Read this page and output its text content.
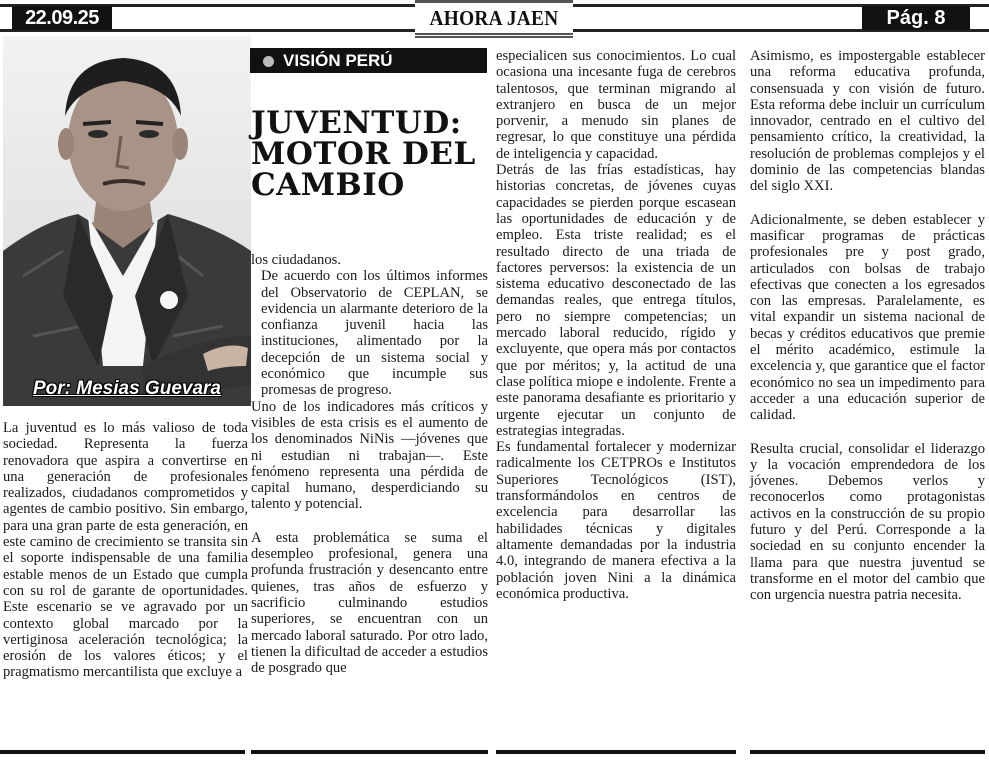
22.09.25	AHORA JAEN	Pág. 8
Por: Mesias Guevara
VISIÓN PERÚ
JUVENTUD:
MOTOR DEL
CAMBIO

La juventud es lo más valioso de toda sociedad. Representa la fuerza renovadora que aspira a convertirse en una generación de profesionales realizados, ciudadanos comprometidos y agentes de cambio positivo. Sin embargo, para una gran parte de esta generación, en este camino de crecimiento se transita sin el soporte indispensable de una familia estable menos de un Estado que cumpla con su rol de garante de oportunidades. Este escenario se ve agravado por un contexto global marcado por la vertiginosa aceleración tecnológica; la erosión de los valores éticos; y el pragmatismo mercantilista que excluye a

los ciudadanos.

De acuerdo con los últimos informes del Observatorio de CEPLAN, se evidencia un alarmante deterioro de la confianza juvenil hacia las instituciones, alimentado por la decepción de un sistema social y económico que incumple sus promesas de progreso.

Uno de los indicadores más críticos y visibles de esta crisis es el aumento de los denominados NiNis —jóvenes que ni estudian ni trabajan—. Este fenómeno representa una pérdida de capital humano, desperdiciando su talento y potencial.

A esta problemática se suma el desempleo profesional, genera una profunda frustración y desencanto entre quienes, tras años de esfuerzo y sacrificio culminando estudios superiores, se encuentran con un mercado laboral saturado. Por otro lado, tienen la dificultad de acceder a estudios de posgrado que

especialicen sus conocimientos. Lo cual ocasiona una incesante fuga de cerebros talentosos, que terminan migrando al extranjero en busca de un mejor porvenir, a menudo sin planes de regresar, lo que constituye una pérdida de inteligencia y capacidad.

Detrás de las frías estadísticas, hay historias concretas, de jóvenes cuyas capacidades se pierden porque escasean las oportunidades de educación y de empleo. Esta triste realidad; es el resultado directo de una triada de factores perversos: la existencia de un sistema educativo desconectado de las demandas reales, que entrega títulos, pero no siempre competencias; un mercado laboral reducido, rígido y excluyente, que opera más por contactos que por méritos; y, la actitud de una clase política miope e indolente. Frente a este panorama desafiante es prioritario y urgente ejecutar un conjunto de estrategias integradas.

Es fundamental fortalecer y modernizar radicalmente los CETPROs e Institutos Superiores Tecnológicos (IST), transformándolos en centros de excelencia para desarrollar las habilidades técnicas y digitales altamente demandadas por la industria 4.0, integrando de manera efectiva a la población joven Nini a la dinámica económica productiva.

Asimismo, es impostergable establecer una reforma educativa profunda, consensuada y con visión de futuro. Esta reforma debe incluir un currículum innovador, centrado en el cultivo del pensamiento crítico, la creatividad, la resolución de problemas complejos y el dominio de las competencias blandas del siglo XXI.

Adicionalmente, se deben establecer y masificar programas de prácticas profesionales pre y post grado, articulados con bolsas de trabajo efectivas que conecten a los egresados con las empresas. Paralelamente, es vital expandir un sistema nacional de becas y créditos educativos que premie el mérito académico, estimule la excelencia y, que garantice que el factor económico no sea un impedimento para acceder a una educación superior de calidad.

Resulta crucial, consolidar el liderazgo y la vocación emprendedora de los jóvenes. Debemos verlos y reconocerlos como protagonistas activos en la construcción de su propio futuro y del Perú. Corresponde a la sociedad en su conjunto encender la llama para que nuestra juventud se transforme en el motor del cambio que con urgencia nuestra patria necesita.
